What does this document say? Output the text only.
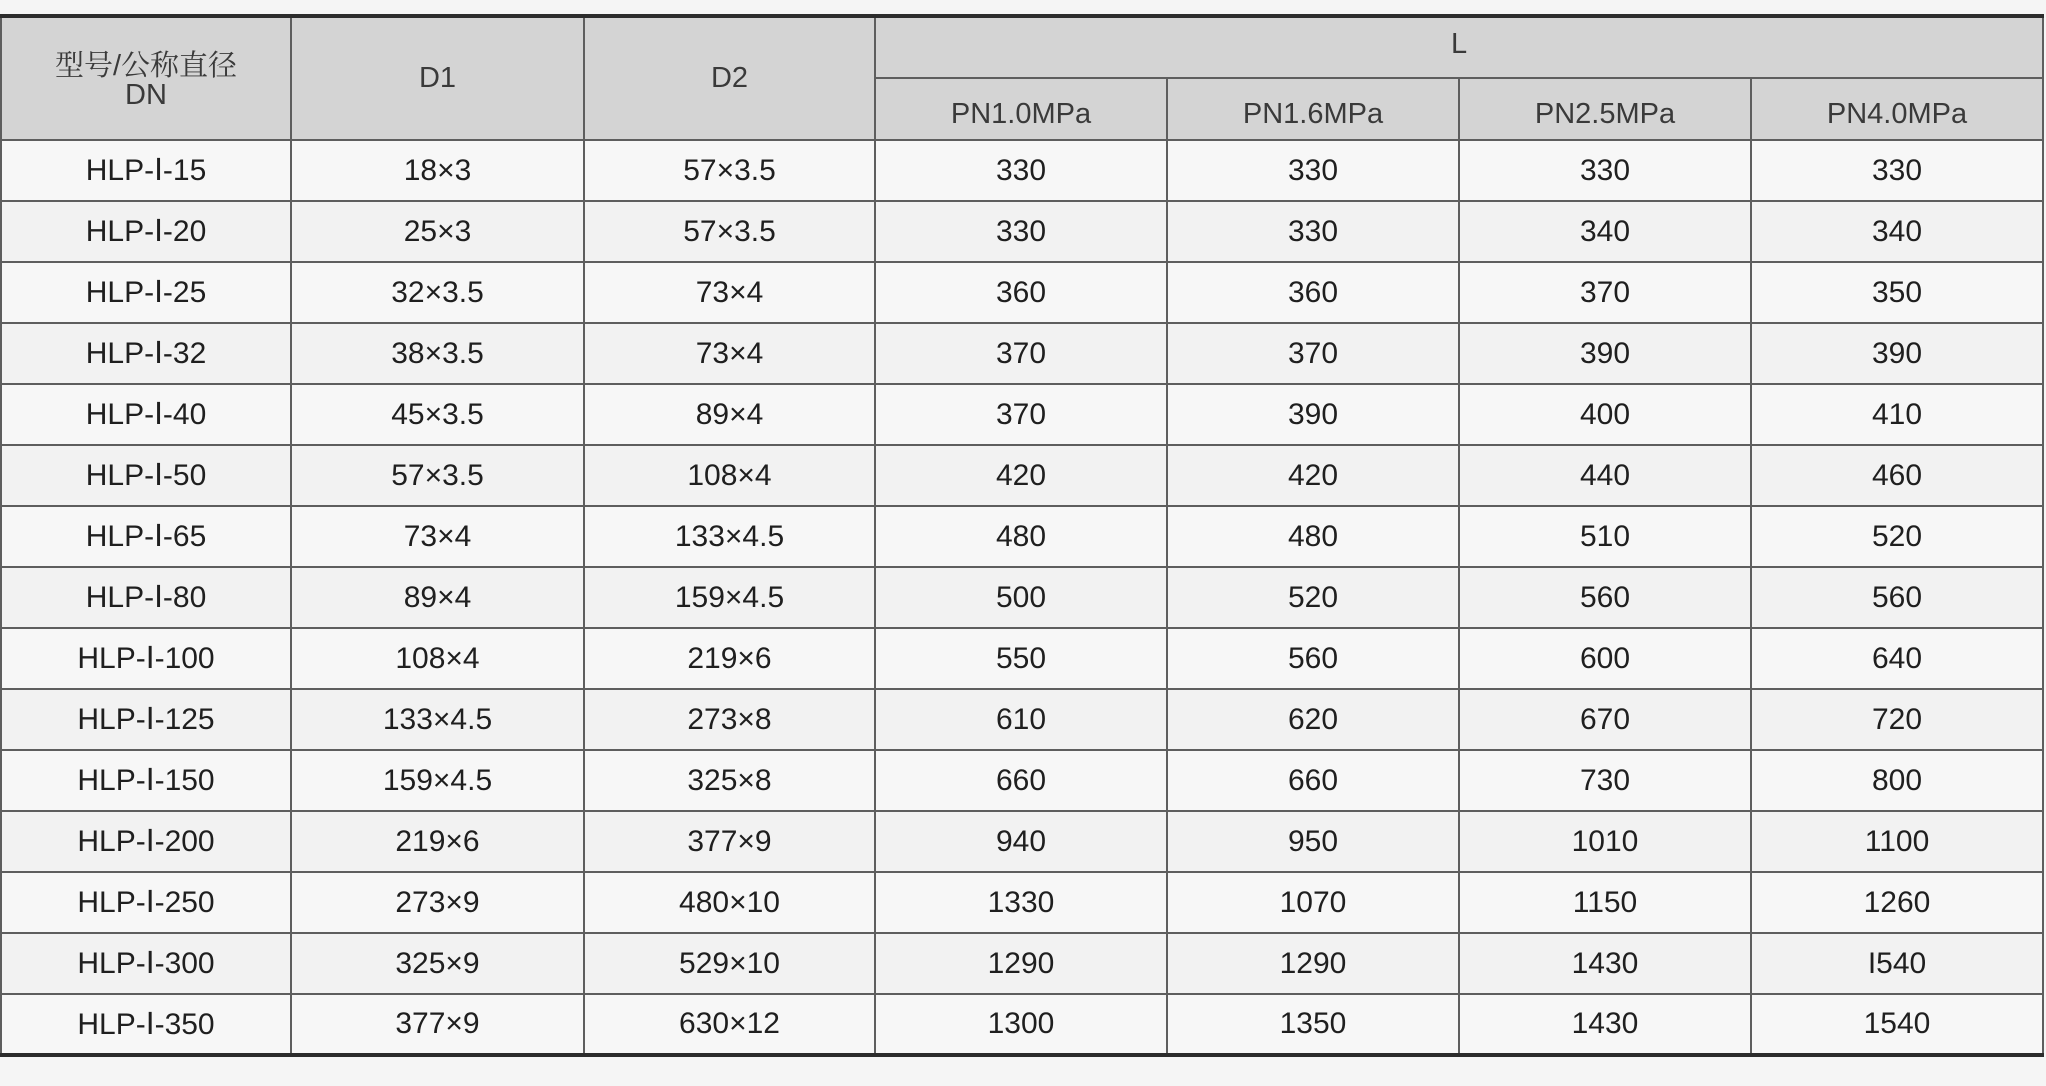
型号/公称直径
DN	D1	D2	L			
			PN1.0MPa	PN1.6MPa	PN2.5MPa	PN4.0MPa
HLP-Ⅰ-15	18×3	57×3.5	330	330	330	330
HLP-Ⅰ-20	25×3	57×3.5	330	330	340	340
HLP-Ⅰ-25	32×3.5	73×4	360	360	370	350
HLP-Ⅰ-32	38×3.5	73×4	370	370	390	390
HLP-Ⅰ-40	45×3.5	89×4	370	390	400	410
HLP-Ⅰ-50	57×3.5	108×4	420	420	440	460
HLP-Ⅰ-65	73×4	133×4.5	480	480	510	520
HLP-Ⅰ-80	89×4	159×4.5	500	520	560	560
HLP-Ⅰ-100	108×4	219×6	550	560	600	640
HLP-Ⅰ-125	133×4.5	273×8	610	620	670	720
HLP-Ⅰ-150	159×4.5	325×8	660	660	730	800
HLP-Ⅰ-200	219×6	377×9	940	950	1010	1100
HLP-Ⅰ-250	273×9	480×10	1330	1070	1150	1260
HLP-Ⅰ-300	325×9	529×10	1290	1290	1430	I540
HLP-Ⅰ-350	377×9	630×12	1300	1350	1430	1540
